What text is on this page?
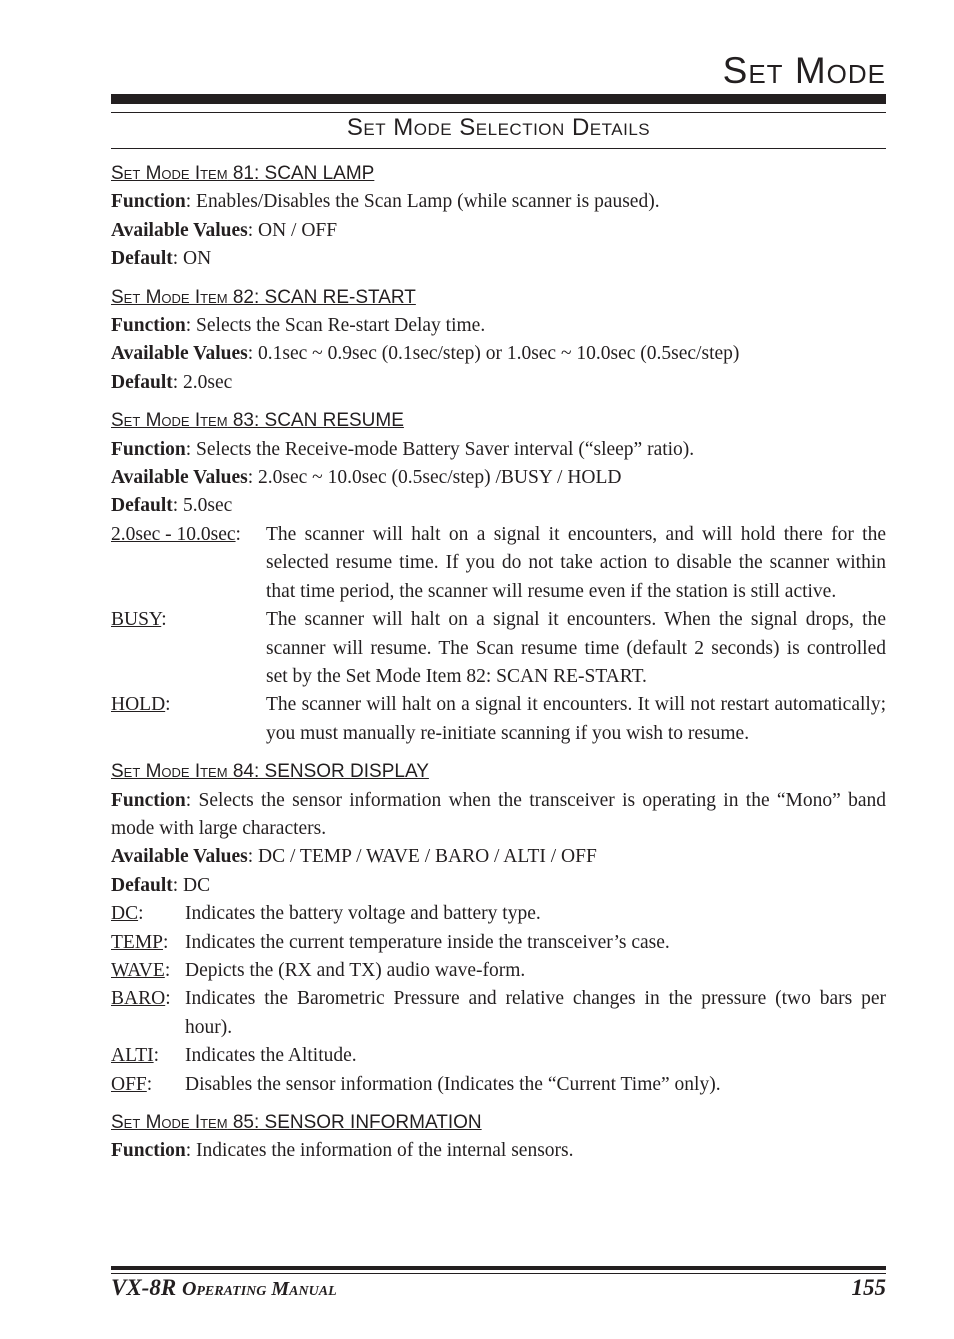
Set Mode
Set Mode Selection Details
Set Mode Item 81: SCAN LAMP

Function: Enables/Disables the Scan Lamp (while scanner is paused).

Available Values: ON / OFF

Default: ON

Set Mode Item 82: SCAN RE-START

Function: Selects the Scan Re-start Delay time.

Available Values: 0.1sec ~ 0.9sec (0.1sec/step) or 1.0sec ~ 10.0sec (0.5sec/step)

Default: 2.0sec

Set Mode Item 83: SCAN RESUME

Function: Selects the Receive-mode Battery Saver interval (“sleep” ratio).

Available Values: 2.0sec ~ 10.0sec (0.5sec/step) /BUSY / HOLD

Default: 5.0sec

2.0sec - 10.0sec:	The scanner will halt on a signal it encounters, and will hold there for the selected resume time. If you do not take action to disable the scanner within that time period, the scanner will resume even if the station is still active.
BUSY:	The scanner will halt on a signal it encounters. When the signal drops, the scanner will resume. The Scan resume time (default 2 seconds) is controlled set by the Set Mode Item 82: SCAN RE-START.
HOLD:	The scanner will halt on a signal it encounters. It will not restart automatically; you must manually re-initiate scanning if you wish to resume.
Set Mode Item 84: SENSOR DISPLAY

Function: Selects the sensor information when the transceiver is operating in the “Mono” band mode with large characters.

Available Values: DC / TEMP / WAVE / BARO / ALTI / OFF

Default: DC

DC:	Indicates the battery voltage and battery type.
TEMP: Indicates the current temperature inside the transceiver’s case.
WAVE: Depicts the (RX and TX) audio wave-form.
BARO: Indicates the Barometric Pressure and relative changes in the pressure (two bars per hour).
ALTI:	Indicates the Altitude.
OFF:	Disables the sensor information (Indicates the “Current Time” only).
Set Mode Item 85: SENSOR INFORMATION

Function: Indicates the information of the internal sensors.

VX-8R Operating Manual	155
